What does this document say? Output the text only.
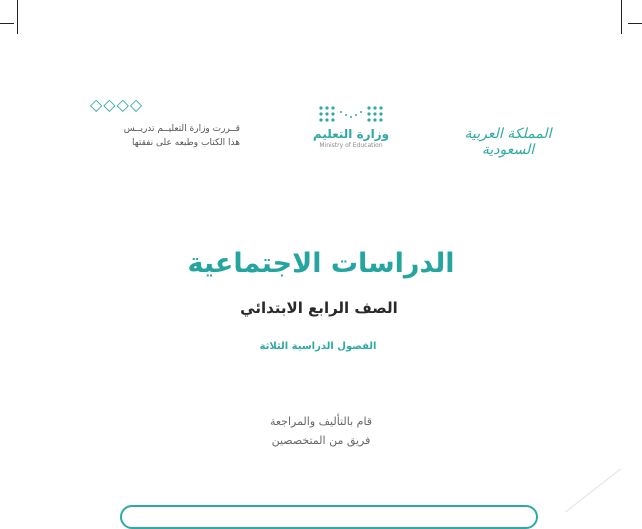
◇◇◇◇
قــررت وزارة التعليــم تدريــس
هذا الكتاب وطبعه على نفقتها
وزارة التعليم
Ministry of Education
المملكة العربية السعودية
الدراسات الاجتماعية
الصف الرابع الابتدائي
الفصول الدراسية الثلاثة
قام بالتأليف والمراجعة
فريق من المتخصصين
